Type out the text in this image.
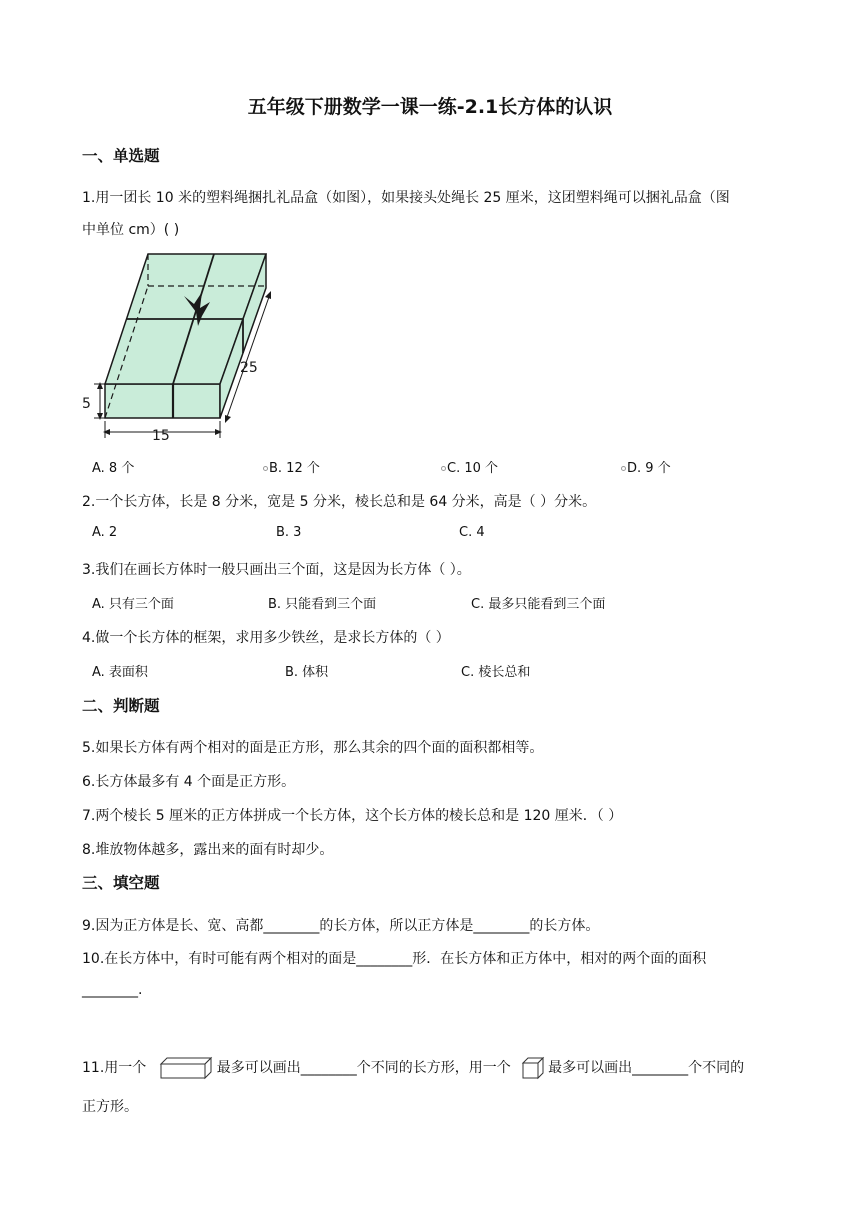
五年级下册数学一课一练-2.1长方体的认识
一、单选题
1.用一团长 10 米的塑料绳捆扎礼品盒（如图），如果接头处绳长 25 厘米，这团塑料绳可以捆礼品盒（图
中单位 cm）( )
5
15
25
A. 8 个	B. 12 个	C. 10 个	D. 9 个
2.一个长方体，长是 8 分米，宽是 5 分米，棱长总和是 64 分米，高是（ ）分米。
A. 2	B. 3	C. 4
3.我们在画长方体时一般只画出三个面，这是因为长方体（ ）。
A. 只有三个面	B. 只能看到三个面	C. 最多只能看到三个面
4.做一个长方体的框架，求用多少铁丝，是求长方体的（ ）
A. 表面积	B. 体积	C. 棱长总和
二、判断题
5.如果长方体有两个相对的面是正方形，那么其余的四个面的面积都相等。
6.长方体最多有 4 个面是正方形。
7.两个棱长 5 厘米的正方体拼成一个长方体，这个长方体的棱长总和是 120 厘米．（ ）
8.堆放物体越多，露出来的面有时却少。
三、填空题
9.因为正方体是长、宽、高都________的长方体，所以正方体是________的长方体。
10.在长方体中，有时可能有两个相对的面是________形．在长方体和正方体中，相对的两个面的面积
________.
11.用一个	最多可以画出________个不同的长方形，用一个	最多可以画出________个不同的
正方形。
